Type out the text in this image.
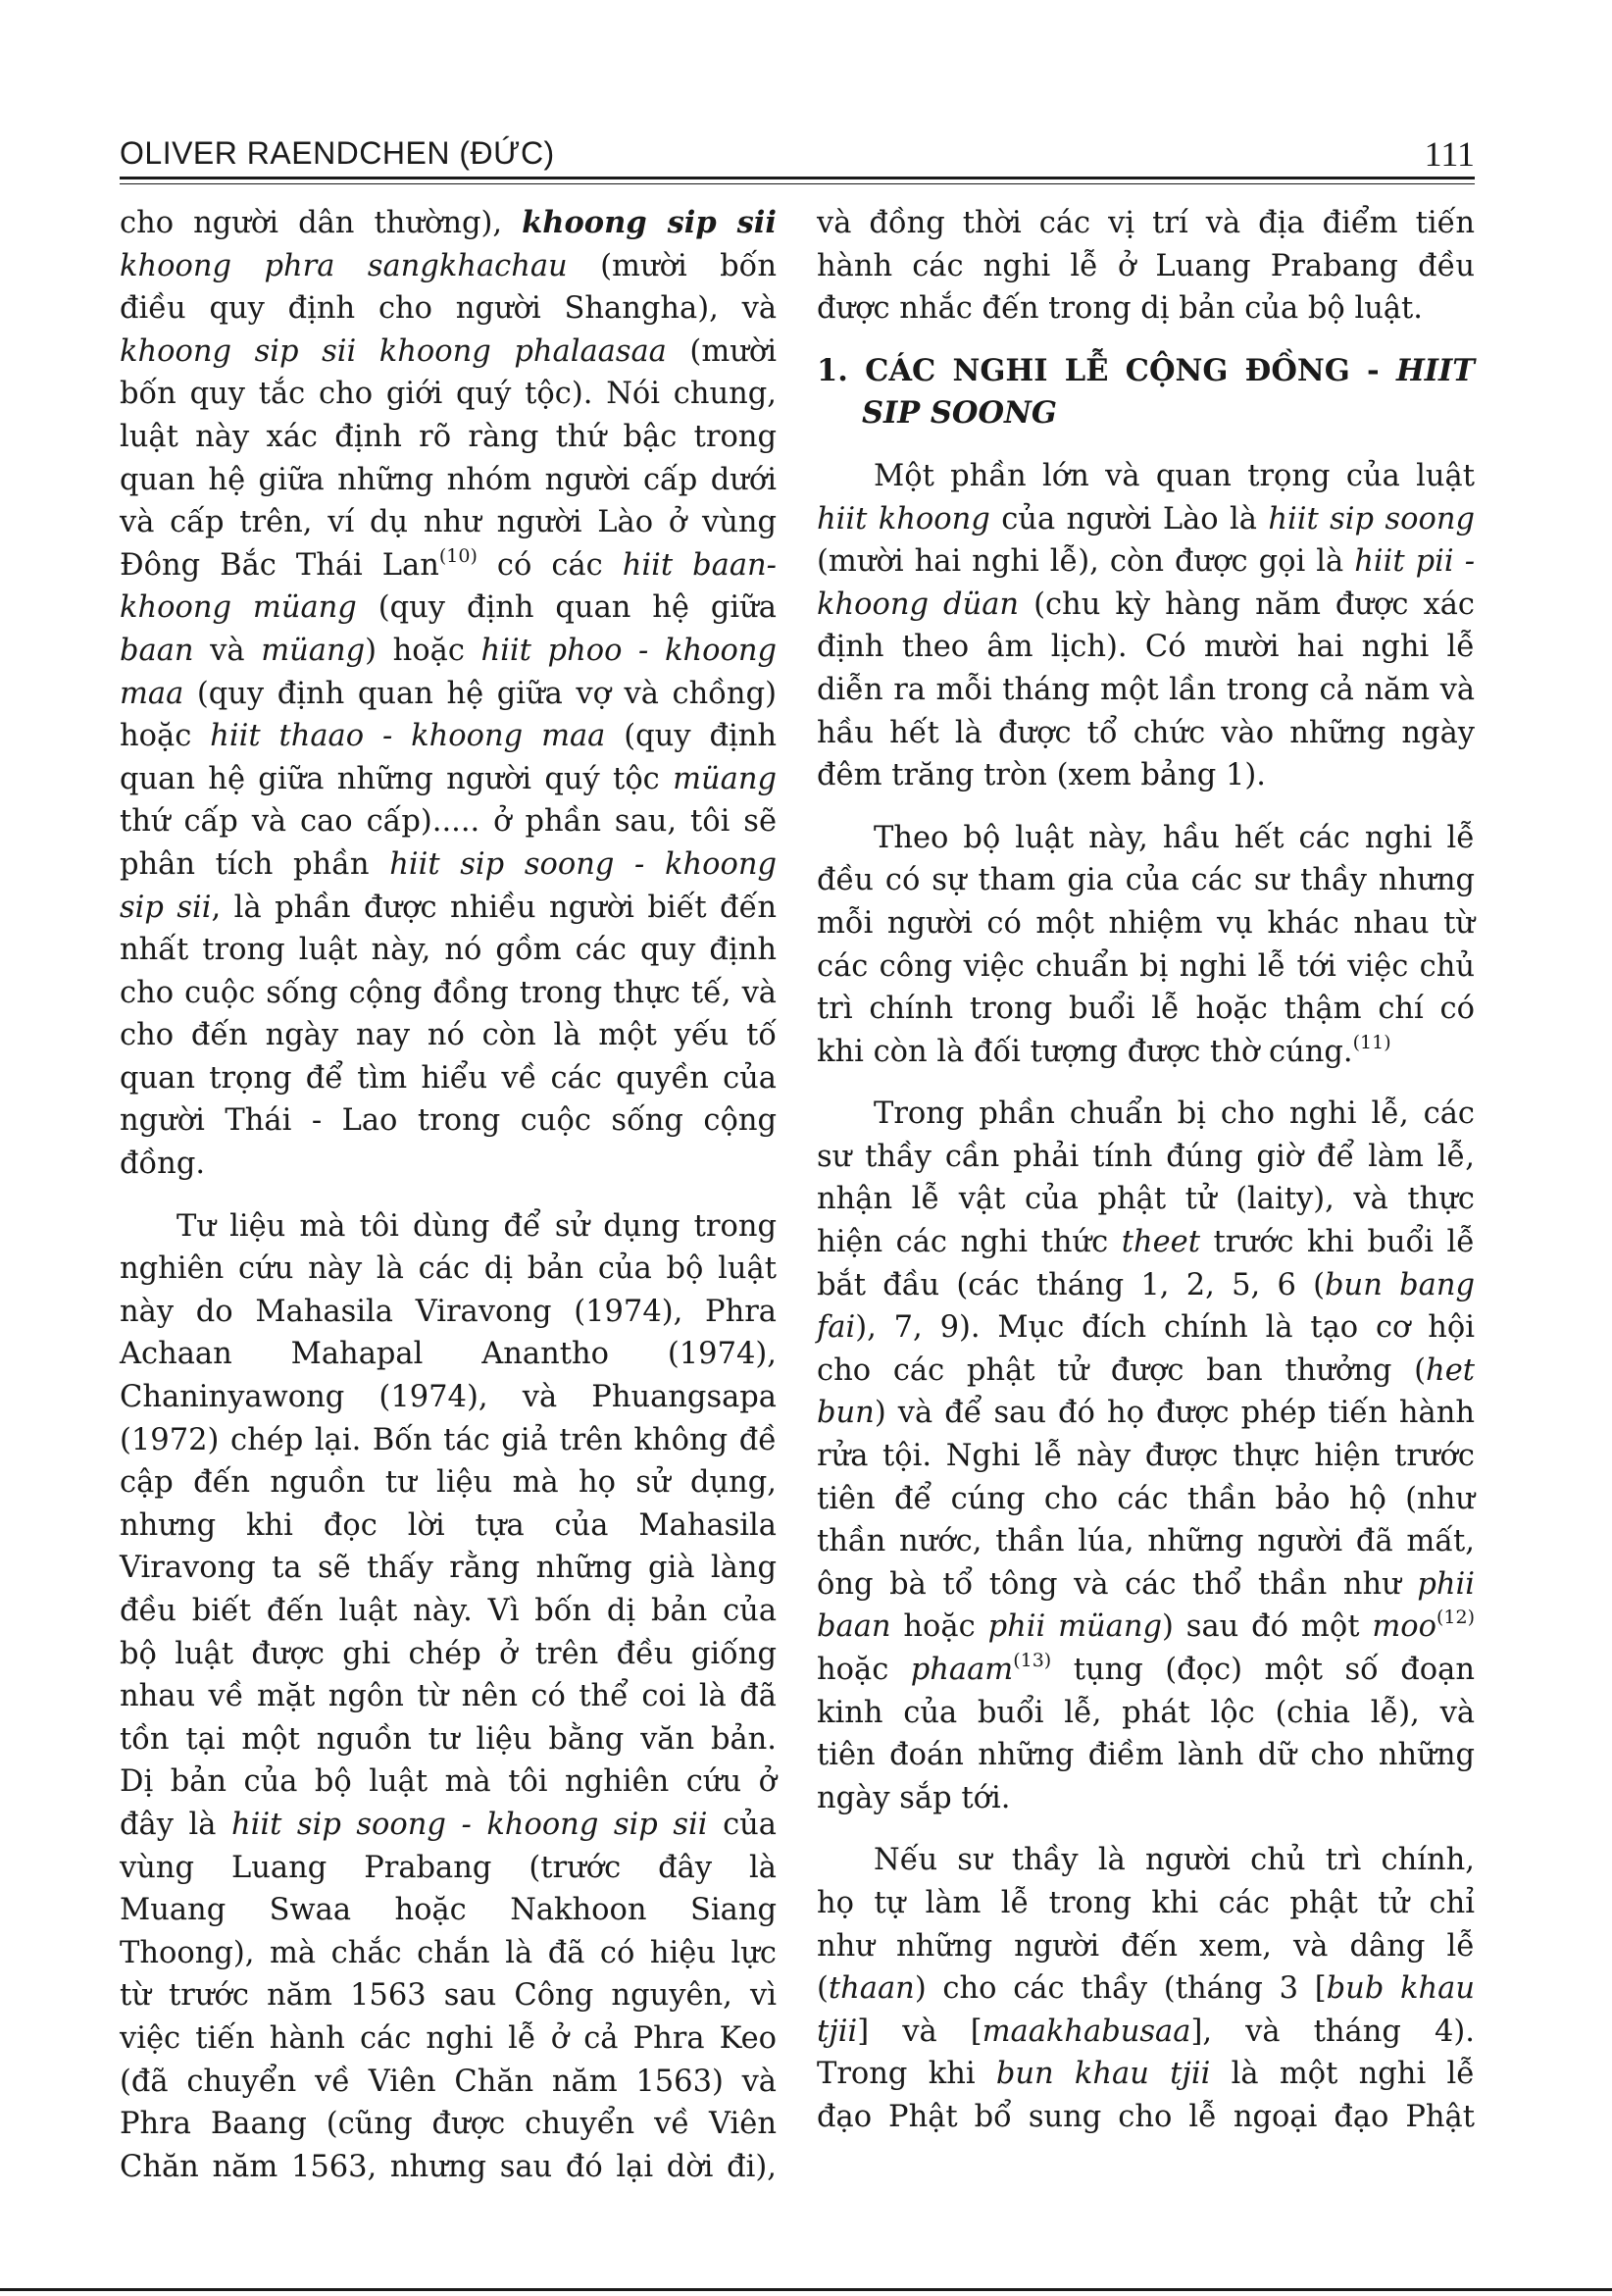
OLIVER RAENDCHEN (ĐỨC)	111
cho người dân thường), khoong sip sii
khoong phra sangkhachau (mười bốn
điều quy định cho người Shangha), và
khoong sip sii khoong phalaasaa (mười
bốn quy tắc cho giới quý tộc). Nói chung,
luật này xác định rõ ràng thứ bậc trong
quan hệ giữa những nhóm người cấp dưới
và cấp trên, ví dụ như người Lào ở vùng
Đông Bắc Thái Lan$^{(10)}$ có các hiit baan-
khoong müang (quy định quan hệ giữa
baan và müang) hoặc hiit phoo - khoong
maa (quy định quan hệ giữa vợ và chồng)
hoặc hiit thaao - khoong maa (quy định
quan hệ giữa những người quý tộc müang
thứ cấp và cao cấp)..... ở phần sau, tôi sẽ
phân tích phần hiit sip soong - khoong
sip sii, là phần được nhiều người biết đến
nhất trong luật này, nó gồm các quy định
cho cuộc sống cộng đồng trong thực tế, và
cho đến ngày nay nó còn là một yếu tố
quan trọng để tìm hiểu về các quyền của
người Thái - Lao trong cuộc sống cộng
đồng.
Tư liệu mà tôi dùng để sử dụng trong
nghiên cứu này là các dị bản của bộ luật
này do Mahasila Viravong (1974), Phra
Achaan Mahapal Anantho (1974),
Chaninyawong (1974), và Phuangsapa
(1972) chép lại. Bốn tác giả trên không đề
cập đến nguồn tư liệu mà họ sử dụng,
nhưng khi đọc lời tựa của Mahasila
Viravong ta sẽ thấy rằng những già làng
đều biết đến luật này. Vì bốn dị bản của
bộ luật được ghi chép ở trên đều giống
nhau về mặt ngôn từ nên có thể coi là đã
tồn tại một nguồn tư liệu bằng văn bản.
Dị bản của bộ luật mà tôi nghiên cứu ở
đây là hiit sip soong - khoong sip sii của
vùng Luang Prabang (trước đây là
Muang Swaa hoặc Nakhoon Siang
Thoong), mà chắc chắn là đã có hiệu lực
từ trước năm 1563 sau Công nguyên, vì
việc tiến hành các nghi lễ ở cả Phra Keo
(đã chuyển về Viên Chăn năm 1563) và
Phra Baang (cũng được chuyển về Viên
Chăn năm 1563, nhưng sau đó lại dời đi),
và đồng thời các vị trí và địa điểm tiến
hành các nghi lễ ở Luang Prabang đều
được nhắc đến trong dị bản của bộ luật.
1. CÁC NGHI LỄ CỘNG ĐỒNG - HIIT
SIP SOONG
Một phần lớn và quan trọng của luật
hiit khoong của người Lào là hiit sip soong
(mười hai nghi lễ), còn được gọi là hiit pii -
khoong düan (chu kỳ hàng năm được xác
định theo âm lịch). Có mười hai nghi lễ
diễn ra mỗi tháng một lần trong cả năm và
hầu hết là được tổ chức vào những ngày
đêm trăng tròn (xem bảng 1).
Theo bộ luật này, hầu hết các nghi lễ
đều có sự tham gia của các sư thầy nhưng
mỗi người có một nhiệm vụ khác nhau từ
các công việc chuẩn bị nghi lễ tới việc chủ
trì chính trong buổi lễ hoặc thậm chí có
khi còn là đối tượng được thờ cúng.$^{(11)}$
Trong phần chuẩn bị cho nghi lễ, các
sư thầy cần phải tính đúng giờ để làm lễ,
nhận lễ vật của phật tử (laity), và thực
hiện các nghi thức theet trước khi buổi lễ
bắt đầu (các tháng 1, 2, 5, 6 (bun bang
fai), 7, 9). Mục đích chính là tạo cơ hội
cho các phật tử được ban thưởng (het
bun) và để sau đó họ được phép tiến hành
rửa tội. Nghi lễ này được thực hiện trước
tiên để cúng cho các thần bảo hộ (như
thần nước, thần lúa, những người đã mất,
ông bà tổ tông và các thổ thần như phii
baan hoặc phii müang) sau đó một moo$^{(12)}$
hoặc phaam$^{(13)}$ tụng (đọc) một số đoạn
kinh của buổi lễ, phát lộc (chia lễ), và
tiên đoán những điềm lành dữ cho những
ngày sắp tới.
Nếu sư thầy là người chủ trì chính,
họ tự làm lễ trong khi các phật tử chỉ
như những người đến xem, và dâng lễ
(thaan) cho các thầy (tháng 3 [bub khau
tjii] và [maakhabusaa], và tháng 4).
Trong khi bun khau tjii là một nghi lễ
đạo Phật bổ sung cho lễ ngoại đạo Phật
